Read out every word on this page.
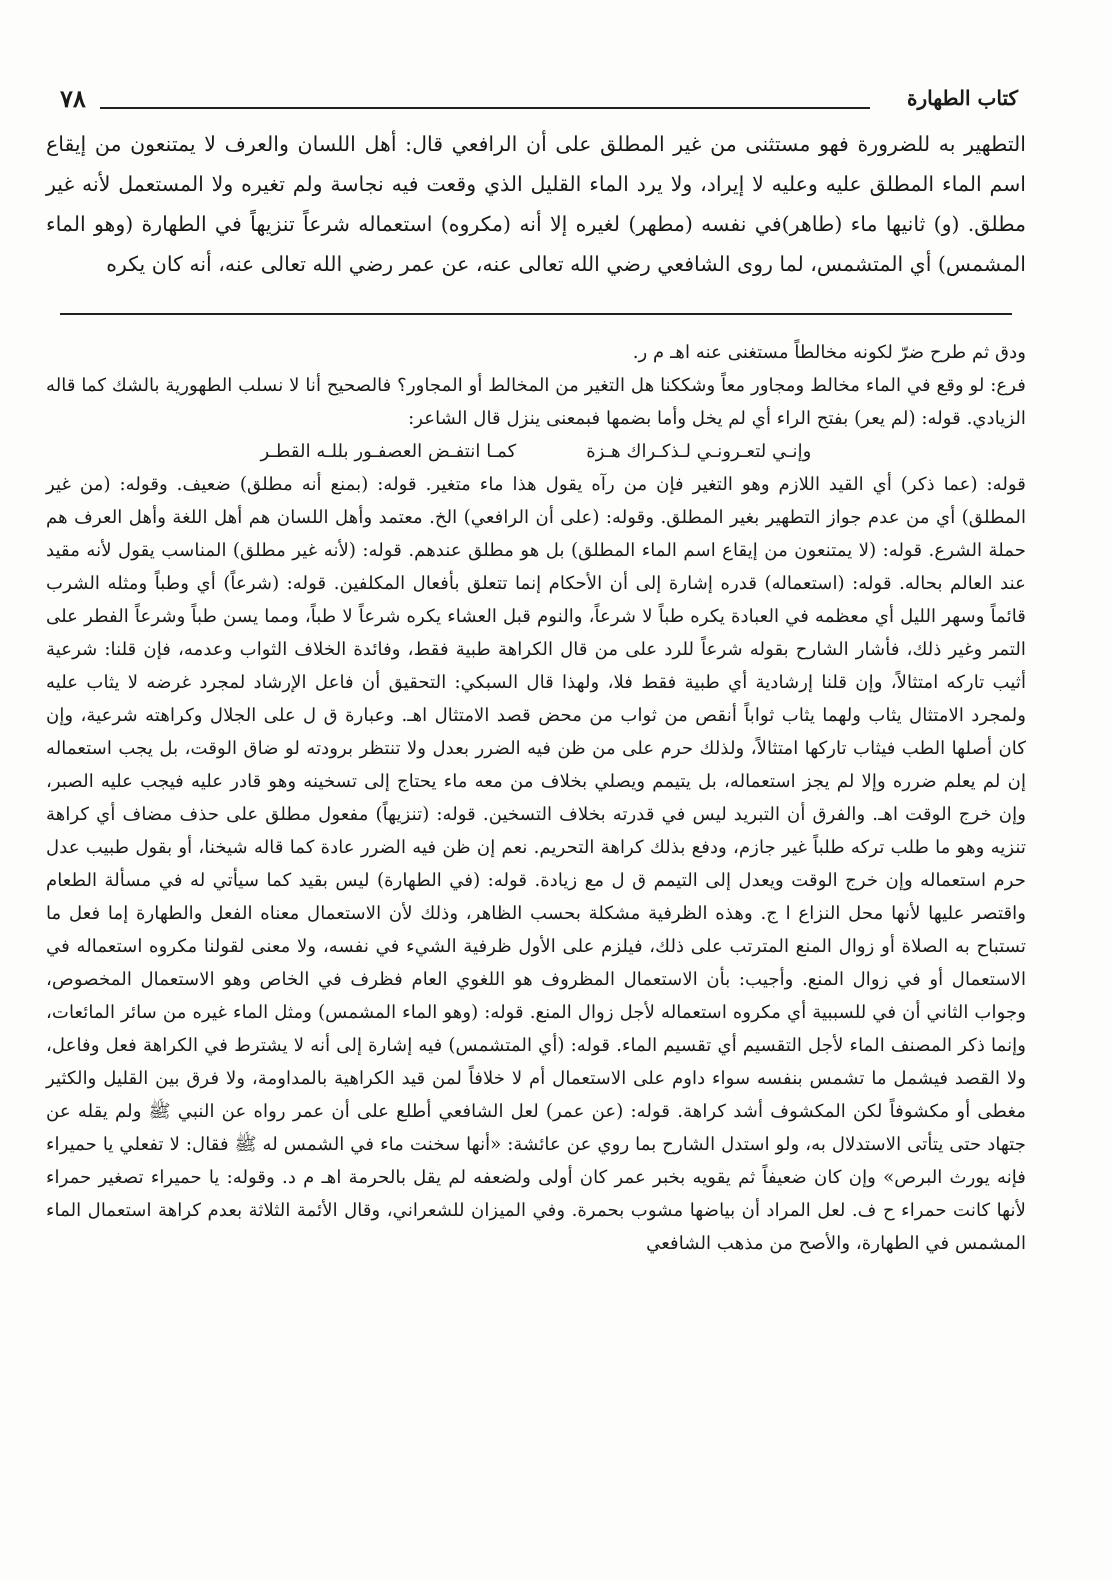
٧٨	كتاب الطهارة
التطهير به للضرورة فهو مستثنى من غير المطلق على أن الرافعي قال: أهل اللسان والعرف لا يمتنعون من إيقاع اسم الماء المطلق عليه وعليه لا إيراد، ولا يرد الماء القليل الذي وقعت فيه نجاسة ولم تغيره ولا المستعمل لأنه غير مطلق. (و) ثانيها ماء (طاهر)في نفسه (مطهر) لغيره إلا أنه (مكروه) استعماله شرعاً تنزيهاً في الطهارة (وهو الماء المشمس) أي المتشمس، لما روى الشافعي رضي الله تعالى عنه، عن عمر رضي الله تعالى عنه، أنه كان يكره

ودق ثم طرح ضرّ لكونه مخالطاً مستغنى عنه اهـ م ر.

فرع: لو وقع في الماء مخالط ومجاور معاً وشككنا هل التغير من المخالط أو المجاور؟ فالصحيح أنا لا نسلب الطهورية بالشك كما قاله الزيادي. قوله: (لم يعر) بفتح الراء أي لم يخل وأما بضمها فبمعنى ينزل قال الشاعر:

وإنـي لتعـرونـي لـذكـراك هـزة
كمـا انتفـض العصفـور بللـه القطـر

قوله: (عما ذكر) أي القيد اللازم وهو التغير فإن من رآه يقول هذا ماء متغير. قوله: (بمنع أنه مطلق) ضعيف. وقوله: (من غير المطلق) أي من عدم جواز التطهير بغير المطلق. وقوله: (على أن الرافعي) الخ. معتمد وأهل اللسان هم أهل اللغة وأهل العرف هم حملة الشرع. قوله: (لا يمتنعون من إيقاع اسم الماء المطلق) بل هو مطلق عندهم. قوله: (لأنه غير مطلق) المناسب يقول لأنه مقيد عند العالم بحاله. قوله: (استعماله) قدره إشارة إلى أن الأحكام إنما تتعلق بأفعال المكلفين. قوله: (شرعاً) أي وطباً ومثله الشرب قائماً وسهر الليل أي معظمه في العبادة يكره طباً لا شرعاً، والنوم قبل العشاء يكره شرعاً لا طباً، ومما يسن طباً وشرعاً الفطر على التمر وغير ذلك، فأشار الشارح بقوله شرعاً للرد على من قال الكراهة طبية فقط، وفائدة الخلاف الثواب وعدمه، فإن قلنا: شرعية أثيب تاركه امتثالاً، وإن قلنا إرشادية أي طبية فقط فلا، ولهذا قال السبكي: التحقيق أن فاعل الإرشاد لمجرد غرضه لا يثاب عليه ولمجرد الامتثال يثاب ولهما يثاب ثواباً أنقص من ثواب من محض قصد الامتثال اهـ. وعبارة ق ل على الجلال وكراهته شرعية، وإن كان أصلها الطب فيثاب تاركها امتثالاً، ولذلك حرم على من ظن فيه الضرر بعدل ولا تنتظر برودته لو ضاق الوقت، بل يجب استعماله إن لم يعلم ضرره وإلا لم يجز استعماله، بل يتيمم ويصلي بخلاف من معه ماء يحتاج إلى تسخينه وهو قادر عليه فيجب عليه الصبر، وإن خرج الوقت اهـ. والفرق أن التبريد ليس في قدرته بخلاف التسخين. قوله: (تنزيهاً) مفعول مطلق على حذف مضاف أي كراهة تنزيه وهو ما طلب تركه طلباً غير جازم، ودفع بذلك كراهة التحريم. نعم إن ظن فيه الضرر عادة كما قاله شيخنا، أو بقول طبيب عدل حرم استعماله وإن خرج الوقت ويعدل إلى التيمم ق ل مع زيادة. قوله: (في الطهارة) ليس بقيد كما سيأتي له في مسألة الطعام واقتصر عليها لأنها محل النزاع ا ج. وهذه الظرفية مشكلة بحسب الظاهر، وذلك لأن الاستعمال معناه الفعل والطهارة إما فعل ما تستباح به الصلاة أو زوال المنع المترتب على ذلك، فيلزم على الأول ظرفية الشيء في نفسه، ولا معنى لقولنا مكروه استعماله في الاستعمال أو في زوال المنع. وأجيب: بأن الاستعمال المظروف هو اللغوي العام فظرف في الخاص وهو الاستعمال المخصوص، وجواب الثاني أن في للسببية أي مكروه استعماله لأجل زوال المنع. قوله: (وهو الماء المشمس) ومثل الماء غيره من سائر المائعات، وإنما ذكر المصنف الماء لأجل التقسيم أي تقسيم الماء. قوله: (أي المتشمس) فيه إشارة إلى أنه لا يشترط في الكراهة فعل وفاعل، ولا القصد فيشمل ما تشمس بنفسه سواء داوم على الاستعمال أم لا خلافاً لمن قيد الكراهية بالمداومة، ولا فرق بين القليل والكثير مغطى أو مكشوفاً لكن المكشوف أشد كراهة. قوله: (عن عمر) لعل الشافعي أطلع على أن عمر رواه عن النبي ﷺ ولم يقله عن جتهاد حتى يتأتى الاستدلال به، ولو استدل الشارح بما روي عن عائشة: «أنها سخنت ماء في الشمس له ﷺ فقال: لا تفعلي يا حميراء فإنه يورث البرص» وإن كان ضعيفاً ثم يقويه بخبر عمر كان أولى ولضعفه لم يقل بالحرمة اهـ م د. وقوله: يا حميراء تصغير حمراء لأنها كانت حمراء ح ف. لعل المراد أن بياضها مشوب بحمرة. وفي الميزان للشعراني، وقال الأئمة الثلاثة بعدم كراهة استعمال الماء المشمس في الطهارة، والأصح من مذهب الشافعي
